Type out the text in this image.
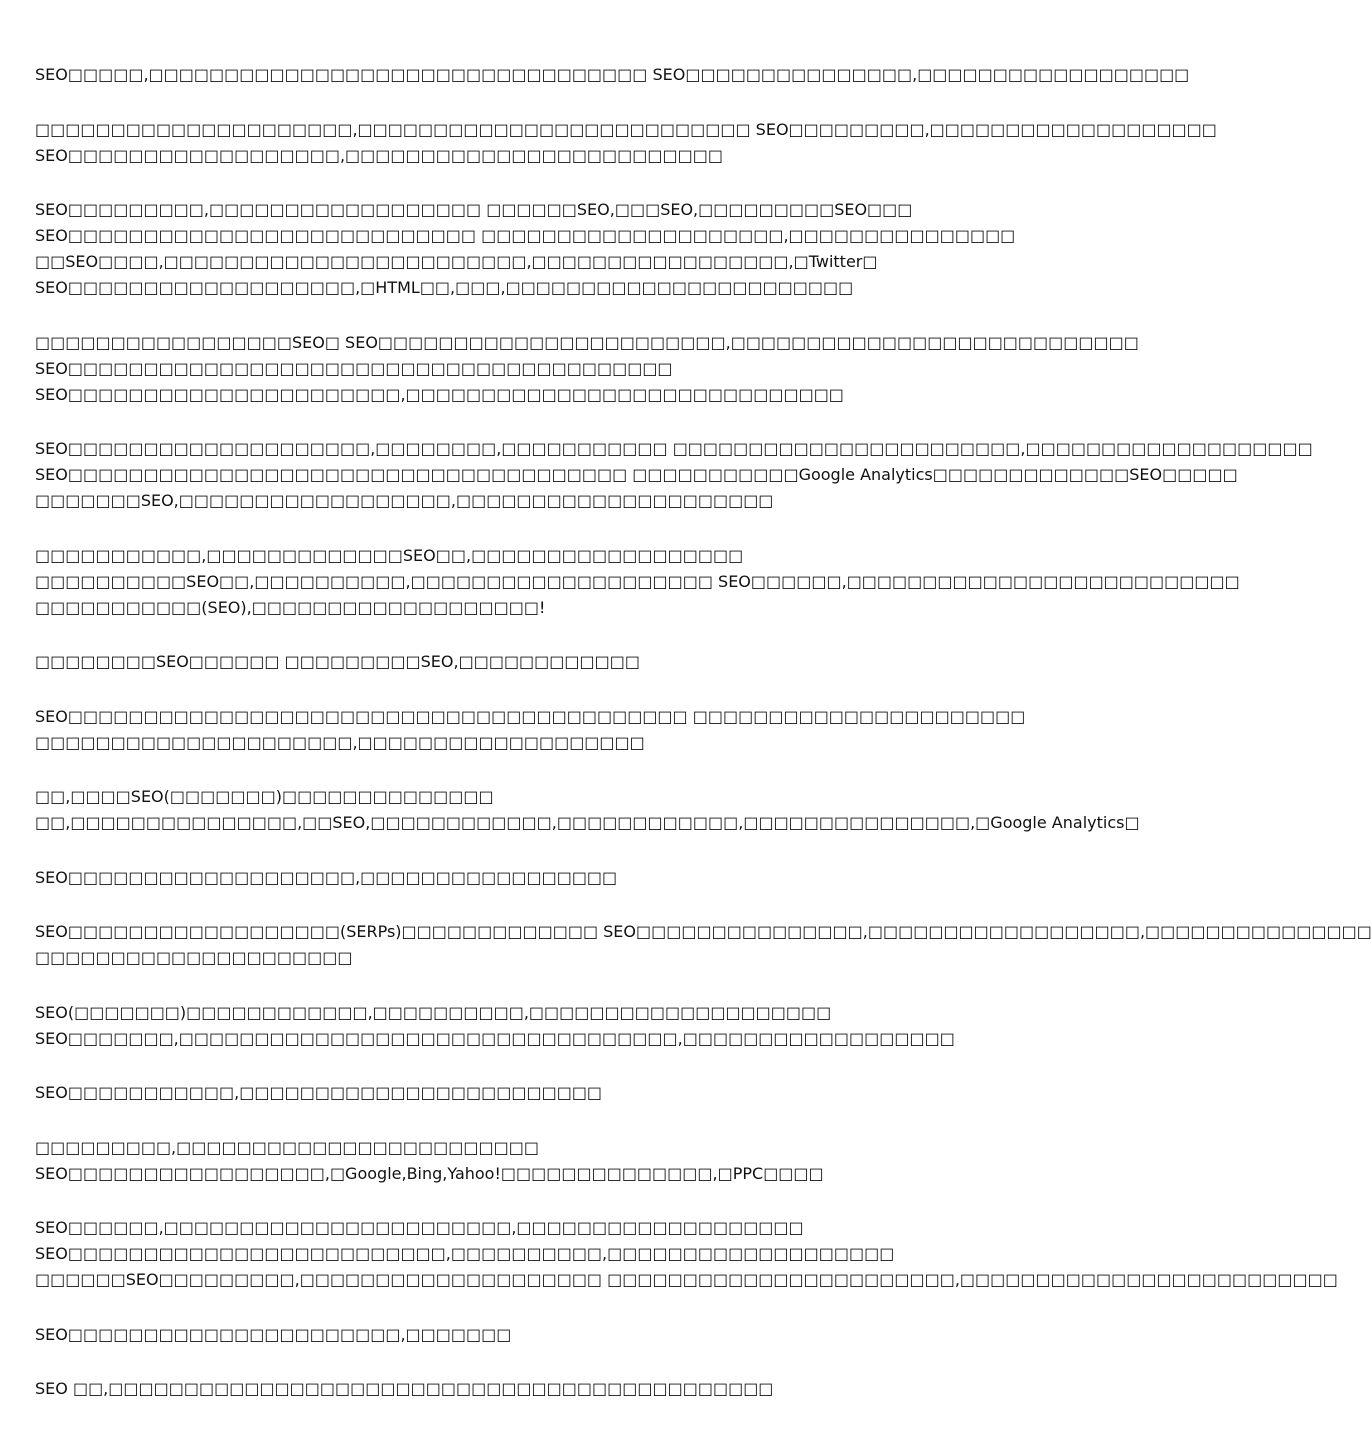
SEO□□□□□,□□□□□□□□□□□□□□□□□□□□□□□□□□□□□□□□□ SEO□□□□□□□□□□□□□□□,□□□□□□□□□□□□□□□□□□
□□□□□□□□□□□□□□□□□□□□□,□□□□□□□□□□□□□□□□□□□□□□□□□□ SEO□□□□□□□□□,□□□□□□□□□□□□□□□□□□□
SEO□□□□□□□□□□□□□□□□□□,□□□□□□□□□□□□□□□□□□□□□□□□□
SEO□□□□□□□□□,□□□□□□□□□□□□□□□□□□ □□□□□□SEO,□□□SEO,□□□□□□□□□SEO□□□
SEO□□□□□□□□□□□□□□□□□□□□□□□□□□□ □□□□□□□□□□□□□□□□□□□□,□□□□□□□□□□□□□□□
□□SEO□□□□,□□□□□□□□□□□□□□□□□□□□□□□□,□□□□□□□□□□□□□□□□□,□Twitter□
SEO□□□□□□□□□□□□□□□□□□□,□HTML□□,□□□,□□□□□□□□□□□□□□□□□□□□□□□
□□□□□□□□□□□□□□□□□SEO□ SEO□□□□□□□□□□□□□□□□□□□□□□□,□□□□□□□□□□□□□□□□□□□□□□□□□□□
SEO□□□□□□□□□□□□□□□□□□□□□□□□□□□□□□□□□□□□□□□□
SEO□□□□□□□□□□□□□□□□□□□□□□,□□□□□□□□□□□□□□□□□□□□□□□□□□□□□
SEO□□□□□□□□□□□□□□□□□□□□,□□□□□□□□,□□□□□□□□□□□ □□□□□□□□□□□□□□□□□□□□□□□,□□□□□□□□□□□□□□□□□□□
SEO□□□□□□□□□□□□□□□□□□□□□□□□□□□□□□□□□□□□□ □□□□□□□□□□□Google Analytics□□□□□□□□□□□□□SEO□□□□□
□□□□□□□SEO,□□□□□□□□□□□□□□□□□□,□□□□□□□□□□□□□□□□□□□□□
□□□□□□□□□□□,□□□□□□□□□□□□□SEO□□,□□□□□□□□□□□□□□□□□□
□□□□□□□□□□SEO□□,□□□□□□□□□□,□□□□□□□□□□□□□□□□□□□□ SEO□□□□□□,□□□□□□□□□□□□□□□□□□□□□□□□□□
□□□□□□□□□□□(SEO),□□□□□□□□□□□□□□□□□□□!
□□□□□□□□SEO□□□□□□ □□□□□□□□□SEO,□□□□□□□□□□□□
SEO□□□□□□□□□□□□□□□□□□□□□□□□□□□□□□□□□□□□□□□□□ □□□□□□□□□□□□□□□□□□□□□□
□□□□□□□□□□□□□□□□□□□□□,□□□□□□□□□□□□□□□□□□□
□□,□□□□SEO(□□□□□□□)□□□□□□□□□□□□□□
□□,□□□□□□□□□□□□□□□,□□SEO,□□□□□□□□□□□□,□□□□□□□□□□□□,□□□□□□□□□□□□□□□,□Google Analytics□
SEO□□□□□□□□□□□□□□□□□□□,□□□□□□□□□□□□□□□□□
SEO□□□□□□□□□□□□□□□□□□(SERPs)□□□□□□□□□□□□□ SEO□□□□□□□□□□□□□□□,□□□□□□□□□□□□□□□□□□,□□□□□□□□□□□□□□□
□□□□□□□□□□□□□□□□□□□□□
SEO(□□□□□□□)□□□□□□□□□□□□,□□□□□□□□□□,□□□□□□□□□□□□□□□□□□□□
SEO□□□□□□□,□□□□□□□□□□□□□□□□□□□□□□□□□□□□□□□□□,□□□□□□□□□□□□□□□□□□
SEO□□□□□□□□□□□,□□□□□□□□□□□□□□□□□□□□□□□□
□□□□□□□□□,□□□□□□□□□□□□□□□□□□□□□□□□
SEO□□□□□□□□□□□□□□□□□,□Google,Bing,Yahoo!□□□□□□□□□□□□□□,□PPC□□□□
SEO□□□□□□,□□□□□□□□□□□□□□□□□□□□□□□,□□□□□□□□□□□□□□□□□□□
SEO□□□□□□□□□□□□□□□□□□□□□□□□□,□□□□□□□□□□,□□□□□□□□□□□□□□□□□□□
□□□□□□SEO□□□□□□□□□,□□□□□□□□□□□□□□□□□□□□ □□□□□□□□□□□□□□□□□□□□□□□,□□□□□□□□□□□□□□□□□□□□□□□□□
SEO□□□□□□□□□□□□□□□□□□□□□□,□□□□□□□
SEO □□,□□□□□□□□□□□□□□□□□□□□□□□□□□□□□□□□□□□□□□□□□□□□
